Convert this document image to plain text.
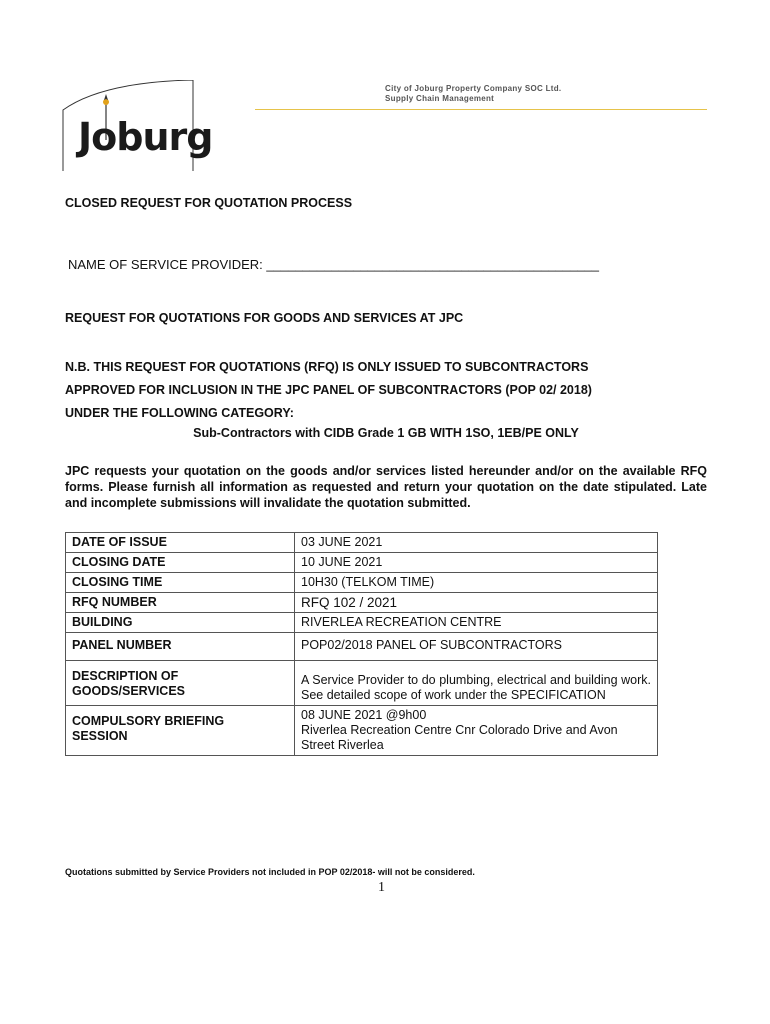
Joburg
City of Joburg Property Company SOC Ltd.
Supply Chain Management
CLOSED REQUEST FOR QUOTATION PROCESS
NAME OF SERVICE PROVIDER: ______________________________________________
REQUEST FOR QUOTATIONS FOR GOODS AND SERVICES AT JPC
N.B. THIS REQUEST FOR QUOTATIONS (RFQ) IS ONLY ISSUED TO SUBCONTRACTORS
APPROVED FOR INCLUSION IN THE JPC PANEL OF SUBCONTRACTORS (POP 02/ 2018)
UNDER THE FOLLOWING CATEGORY:
Sub-Contractors with CIDB Grade 1 GB WITH 1SO, 1EB/PE ONLY
JPC requests your quotation on the goods and/or services listed hereunder and/or on the available RFQ forms. Please furnish all information as requested and return your quotation on the date stipulated. Late and incomplete submissions will invalidate the quotation submitted.
DATE OF ISSUE	03 JUNE 2021
CLOSING DATE	10 JUNE 2021
CLOSING TIME	10H30 (TELKOM TIME)
RFQ NUMBER	RFQ 102 / 2021
BUILDING	RIVERLEA RECREATION CENTRE
PANEL NUMBER	POP02/2018 PANEL OF SUBCONTRACTORS
DESCRIPTION OF GOODS/SERVICES	A Service Provider to do plumbing, electrical and building work. See detailed scope of work under the SPECIFICATION
COMPULSORY BRIEFING SESSION	08 JUNE 2021 @9h00
Riverlea Recreation Centre Cnr Colorado Drive and Avon Street Riverlea
Quotations submitted by Service Providers not included in POP 02/2018- will not be considered.
1
